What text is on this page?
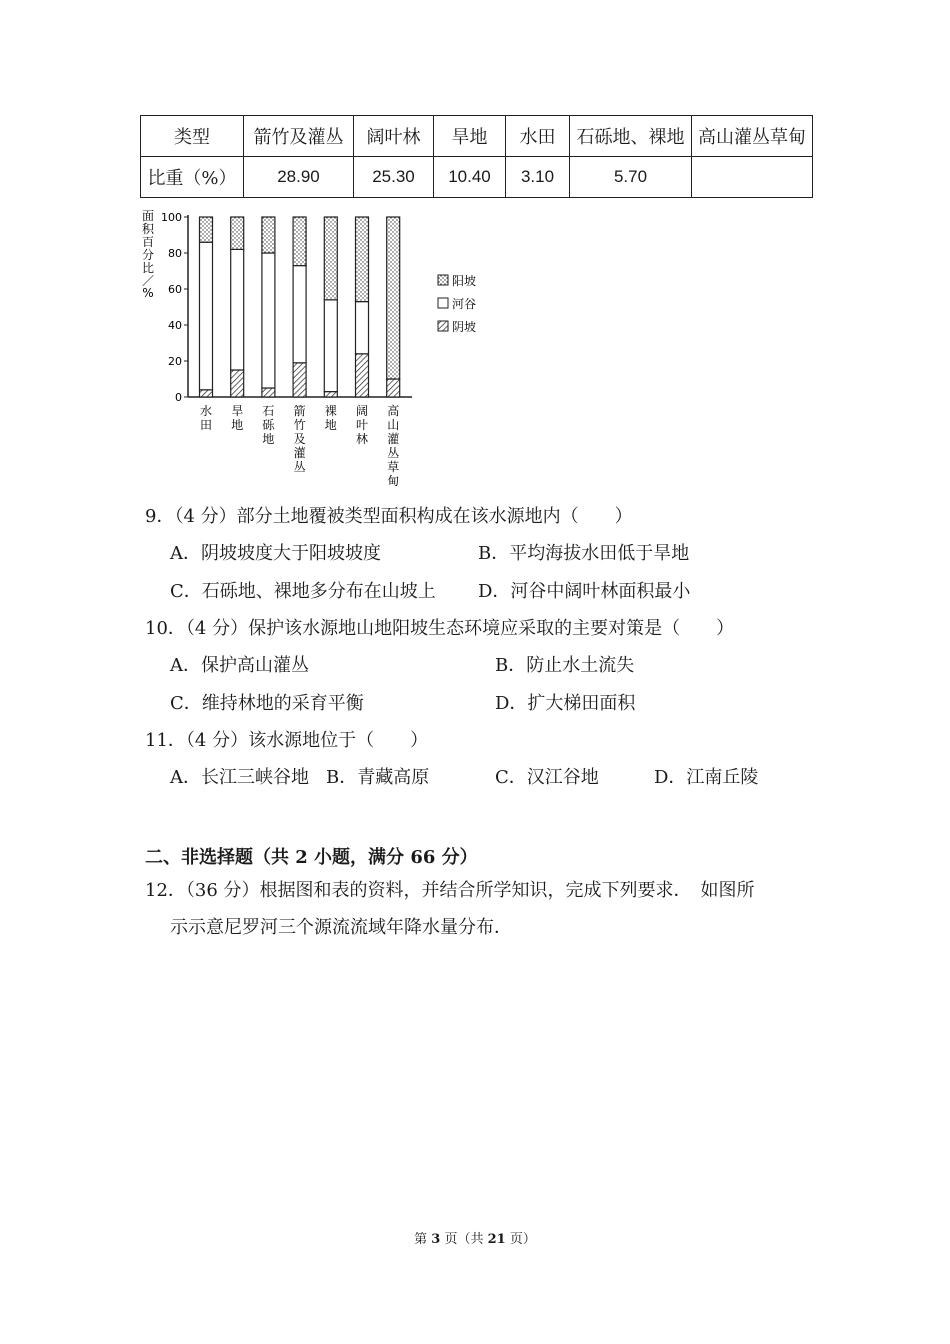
类型	箭竹及灌丛	阔叶林	旱地	水田	石砾地、裸地	高山灌丛草甸
比重（%）	28.90	25.30	10.40	3.10	5.70	
面
积
百
分
比
／
%
100
80
60
40
20
0
水
田
旱
地
石
砾
地
箭
竹
及
灌
丛
裸
地
阔
叶
林
高
山
灌
丛
草
甸
阳坡
河谷
阴坡
9．（4 分）部分土地覆被类型面积构成在该水源地内（　　）
A．阴坡坡度大于阳坡坡度	B．平均海拔水田低于旱地
C．石砾地、裸地多分布在山坡上 D．河谷中阔叶林面积最小
10．（4 分）保护该水源地山地阳坡生态环境应采取的主要对策是（　　）
A．保护高山灌丛	B．防止水土流失
C．维持林地的采育平衡	D．扩大梯田面积
11．（4 分）该水源地位于（　　）
A．长江三峡谷地 B．青藏高原	C．汉江谷地	D．江南丘陵
二、非选择题（共 2 小题，满分 66 分）
12．（36 分）根据图和表的资料，并结合所学知识，完成下列要求．　如图所
示示意尼罗河三个源流流域年降水量分布．
第 3 页（共 21 页）
